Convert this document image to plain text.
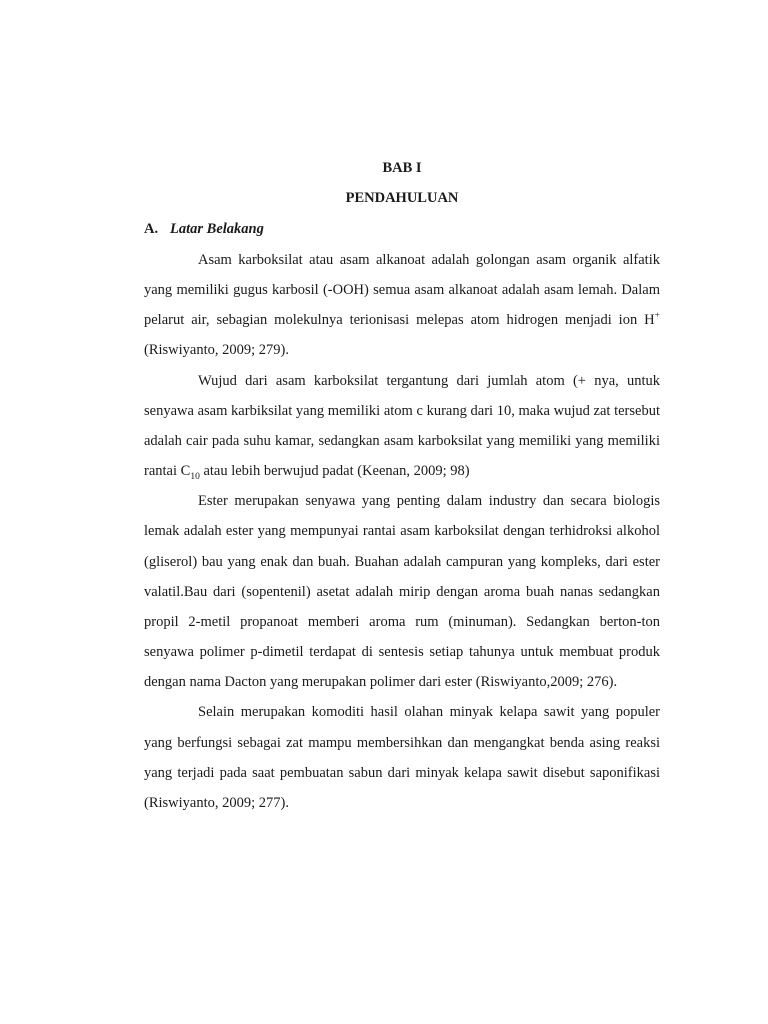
BAB I

PENDAHULUAN

A. Latar Belakang

Asam karboksilat atau asam alkanoat adalah golongan asam organik alfatik yang memiliki gugus karbosil (-OOH) semua asam alkanoat adalah asam lemah. Dalam pelarut air, sebagian molekulnya terionisasi melepas atom hidrogen menjadi ion H+ (Riswiyanto, 2009; 279).

Wujud dari asam karboksilat tergantung dari jumlah atom (+ nya, untuk senyawa asam karbiksilat yang memiliki atom c kurang dari 10, maka wujud zat tersebut adalah cair pada suhu kamar, sedangkan asam karboksilat yang memiliki yang memiliki rantai $C_{10}$ atau lebih berwujud padat (Keenan, 2009; 98)

Ester merupakan senyawa yang penting dalam industry dan secara biologis lemak adalah ester yang mempunyai rantai asam karboksilat dengan terhidroksi alkohol (gliserol) bau yang enak dan buah. Buahan adalah campuran yang kompleks, dari ester valatil.Bau dari (sopentenil) asetat adalah mirip dengan aroma buah nanas sedangkan propil 2-metil propanoat memberi aroma rum (minuman). Sedangkan berton-ton senyawa polimer p-dimetil terdapat di sentesis setiap tahunya untuk membuat produk dengan nama Dacton yang merupakan polimer dari ester (Riswiyanto,2009; 276).

Selain merupakan komoditi hasil olahan minyak kelapa sawit yang populer yang berfungsi sebagai zat mampu membersihkan dan mengangkat benda asing reaksi yang terjadi pada saat pembuatan sabun dari minyak kelapa sawit disebut saponifikasi (Riswiyanto, 2009; 277).
